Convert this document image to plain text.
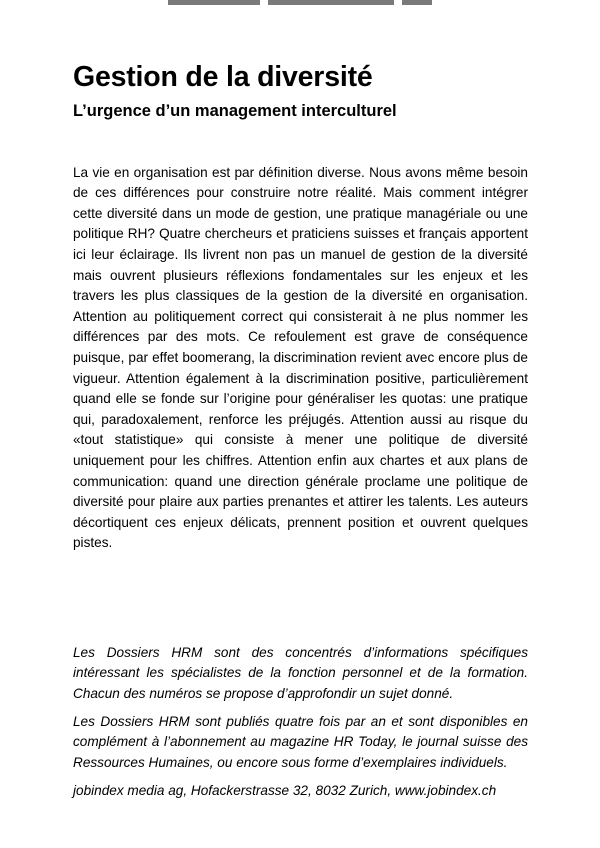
Gestion de la diversité
L’urgence d’un management interculturel

La vie en organisation est par définition diverse. Nous avons même besoin de ces différences pour construire notre réalité. Mais comment intégrer cette diversité dans un mode de gestion, une pratique managériale ou une politique RH? Quatre chercheurs et praticiens suisses et français apportent ici leur éclairage. Ils livrent non pas un manuel de gestion de la diversité mais ouvrent plusieurs réflexions fondamentales sur les enjeux et les travers les plus classiques de la gestion de la diversité en organisation. Attention au politiquement correct qui consisterait à ne plus nommer les différences par des mots. Ce refoulement est grave de conséquence puisque, par effet boomerang, la discrimination revient avec encore plus de vigueur. Attention également à la discrimination positive, particulièrement quand elle se fonde sur l’origine pour généraliser les quotas: une pratique qui, paradoxalement, renforce les préjugés. Attention aussi au risque du «tout statistique» qui consiste à mener une politique de diversité uniquement pour les chiffres. Attention enfin aux chartes et aux plans de communication: quand une direction générale proclame une politique de diversité pour plaire aux parties prenantes et attirer les talents. Les auteurs décortiquent ces enjeux délicats, prennent position et ouvrent quelques pistes.

Les Dossiers HRM sont des concentrés d’informations spécifiques intéressant les spécialistes de la fonction personnel et de la formation. Chacun des numéros se propose d’approfondir un sujet donné.

Les Dossiers HRM sont publiés quatre fois par an et sont disponibles en complément à l’abonnement au magazine HR Today, le journal suisse des Ressources Humaines, ou encore sous forme d’exemplaires individuels.

jobindex media ag, Hofackerstrasse 32, 8032 Zurich, www.jobindex.ch
